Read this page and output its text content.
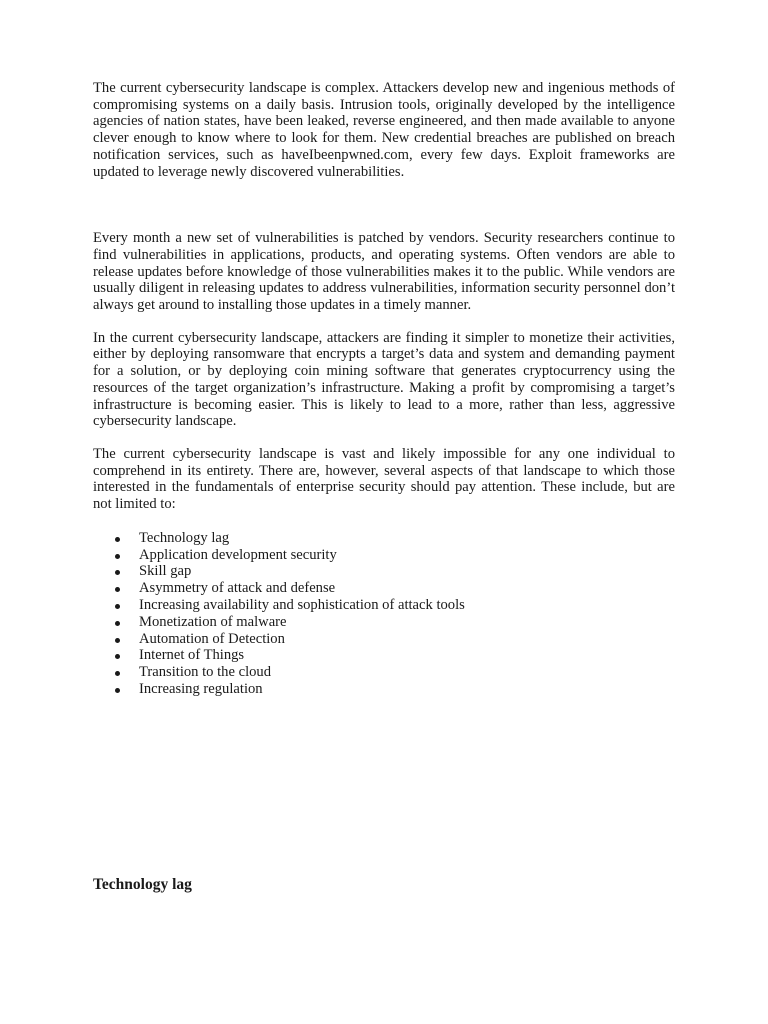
The current cybersecurity landscape is complex. Attackers develop new and ingenious methods of compromising systems on a daily basis. Intrusion tools, originally developed by the intelligence agencies of nation states, have been leaked, reverse engineered, and then made available to anyone clever enough to know where to look for them. New credential breaches are published on breach notification services, such as haveIbeenpwned.com, every few days. Exploit frameworks are updated to leverage newly discovered vulnerabilities.

Every month a new set of vulnerabilities is patched by vendors. Security researchers continue to find vulnerabilities in applications, products, and operating systems. Often vendors are able to release updates before knowledge of those vulnerabilities makes it to the public. While vendors are usually diligent in releasing updates to address vulnerabilities, information security personnel don’t always get around to installing those updates in a timely manner.

In the current cybersecurity landscape, attackers are finding it simpler to monetize their activities, either by deploying ransomware that encrypts a target’s data and system and demanding payment for a solution, or by deploying coin mining software that generates cryptocurrency using the resources of the target organization’s infrastructure. Making a profit by compromising a target’s infrastructure is becoming easier. This is likely to lead to a more, rather than less, aggressive cybersecurity landscape.

The current cybersecurity landscape is vast and likely impossible for any one individual to comprehend in its entirety. There are, however, several aspects of that landscape to which those interested in the fundamentals of enterprise security should pay attention. These include, but are not limited to:

Technology lag
Application development security
Skill gap
Asymmetry of attack and defense
Increasing availability and sophistication of attack tools
Monetization of malware
Automation of Detection
Internet of Things
Transition to the cloud
Increasing regulation
Technology lag
